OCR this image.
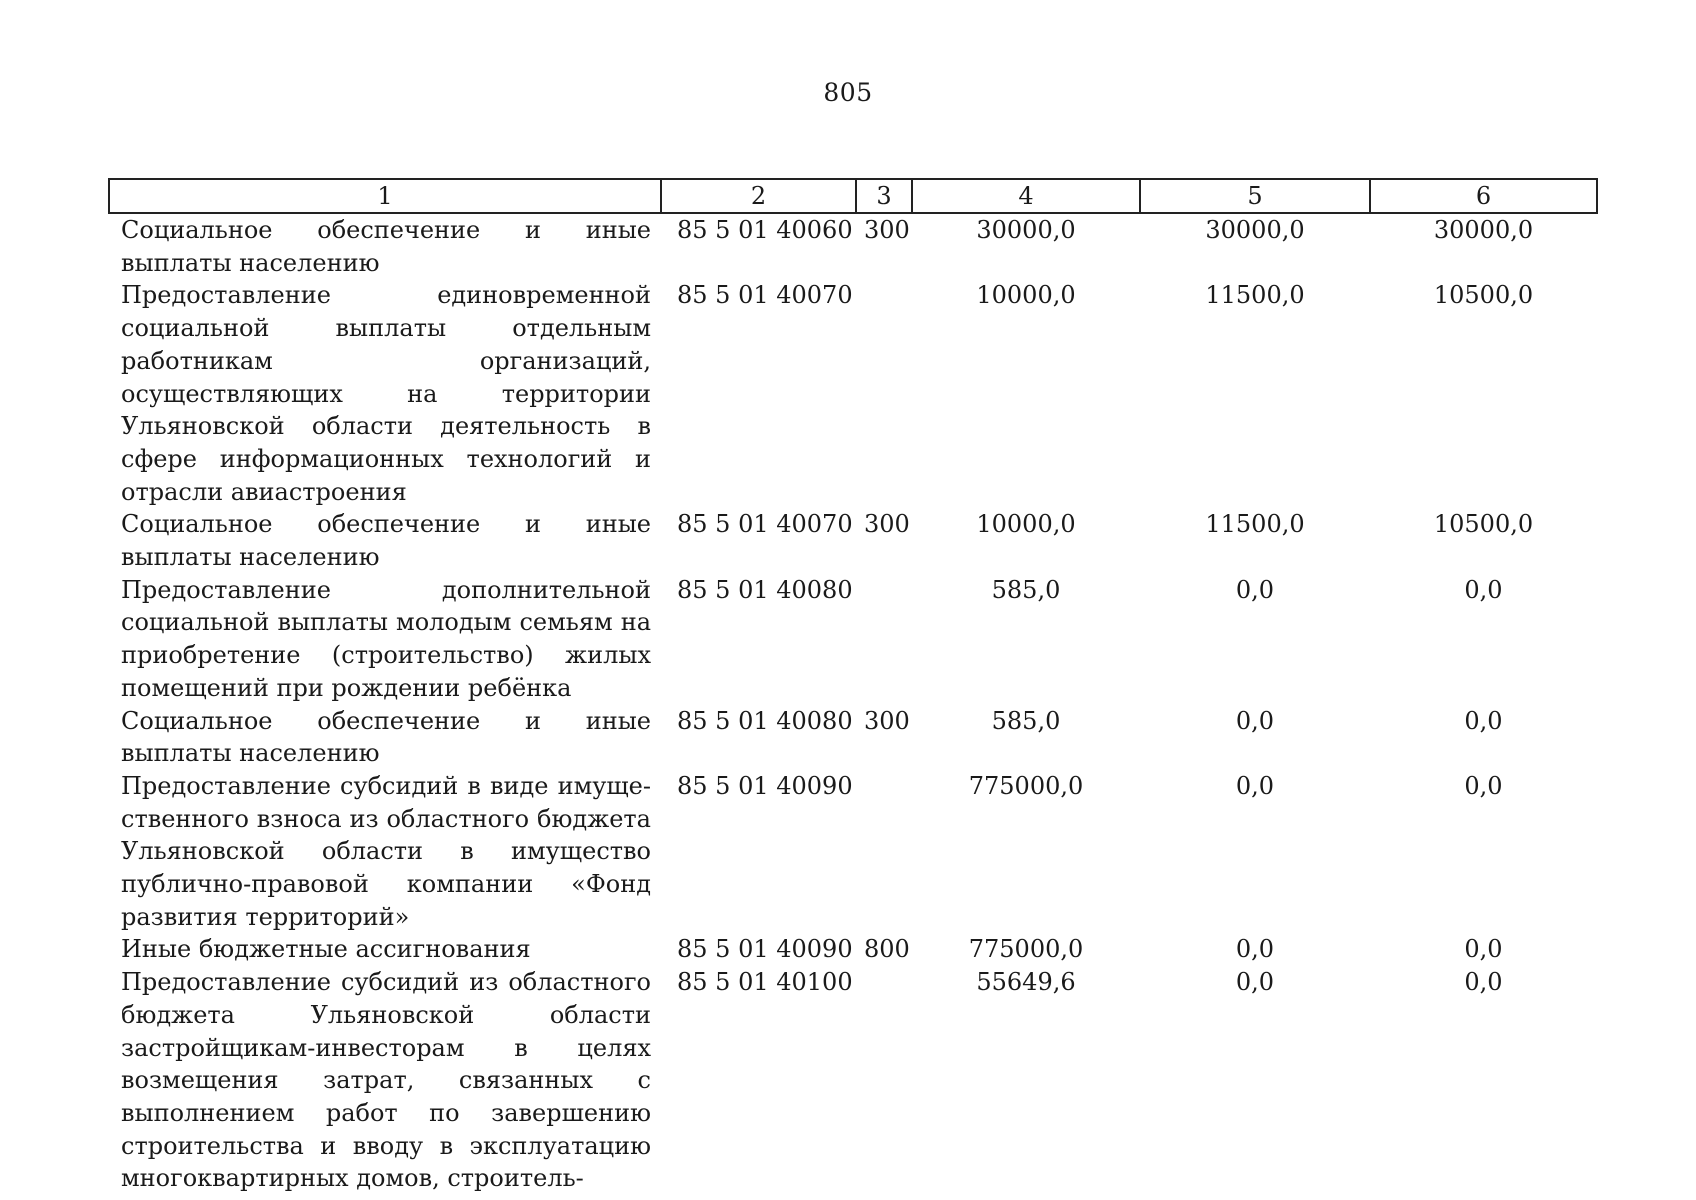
805
1	2	3	4	5	6
Социальное обеспечение и иные выплаты населению	85 5 01 40060	300	30000,0	30000,0	30000,0
Предоставление единовременной социальной выплаты отдельным работникам организаций, осуществляющих на территории Ульяновской области деятельность в сфере информационных технологий и отрасли авиастроения	85 5 01 40070		10000,0	11500,0	10500,0
Социальное обеспечение и иные выплаты населению	85 5 01 40070	300	10000,0	11500,0	10500,0
Предоставление дополнительной социальной выплаты молодым семьям на приобретение (строительство) жилых помещений при рождении ребёнка	85 5 01 40080		585,0	0,0	0,0
Социальное обеспечение и иные выплаты населению	85 5 01 40080	300	585,0	0,0	0,0
Предоставление субсидий в виде имущественного взноса из областного бюджета Ульяновской области в имущество публично-правовой компании «Фонд развития территорий»	85 5 01 40090		775000,0	0,0	0,0
Иные бюджетные ассигнования	85 5 01 40090	800	775000,0	0,0	0,0
Предоставление субсидий из областного бюджета Ульяновской области застройщикам-инвесторам в целях возмещения затрат, связанных с выполнением работ по завершению строительства и вводу в эксплуатацию многоквартирных домов, строитель-	85 5 01 40100		55649,6	0,0	0,0
